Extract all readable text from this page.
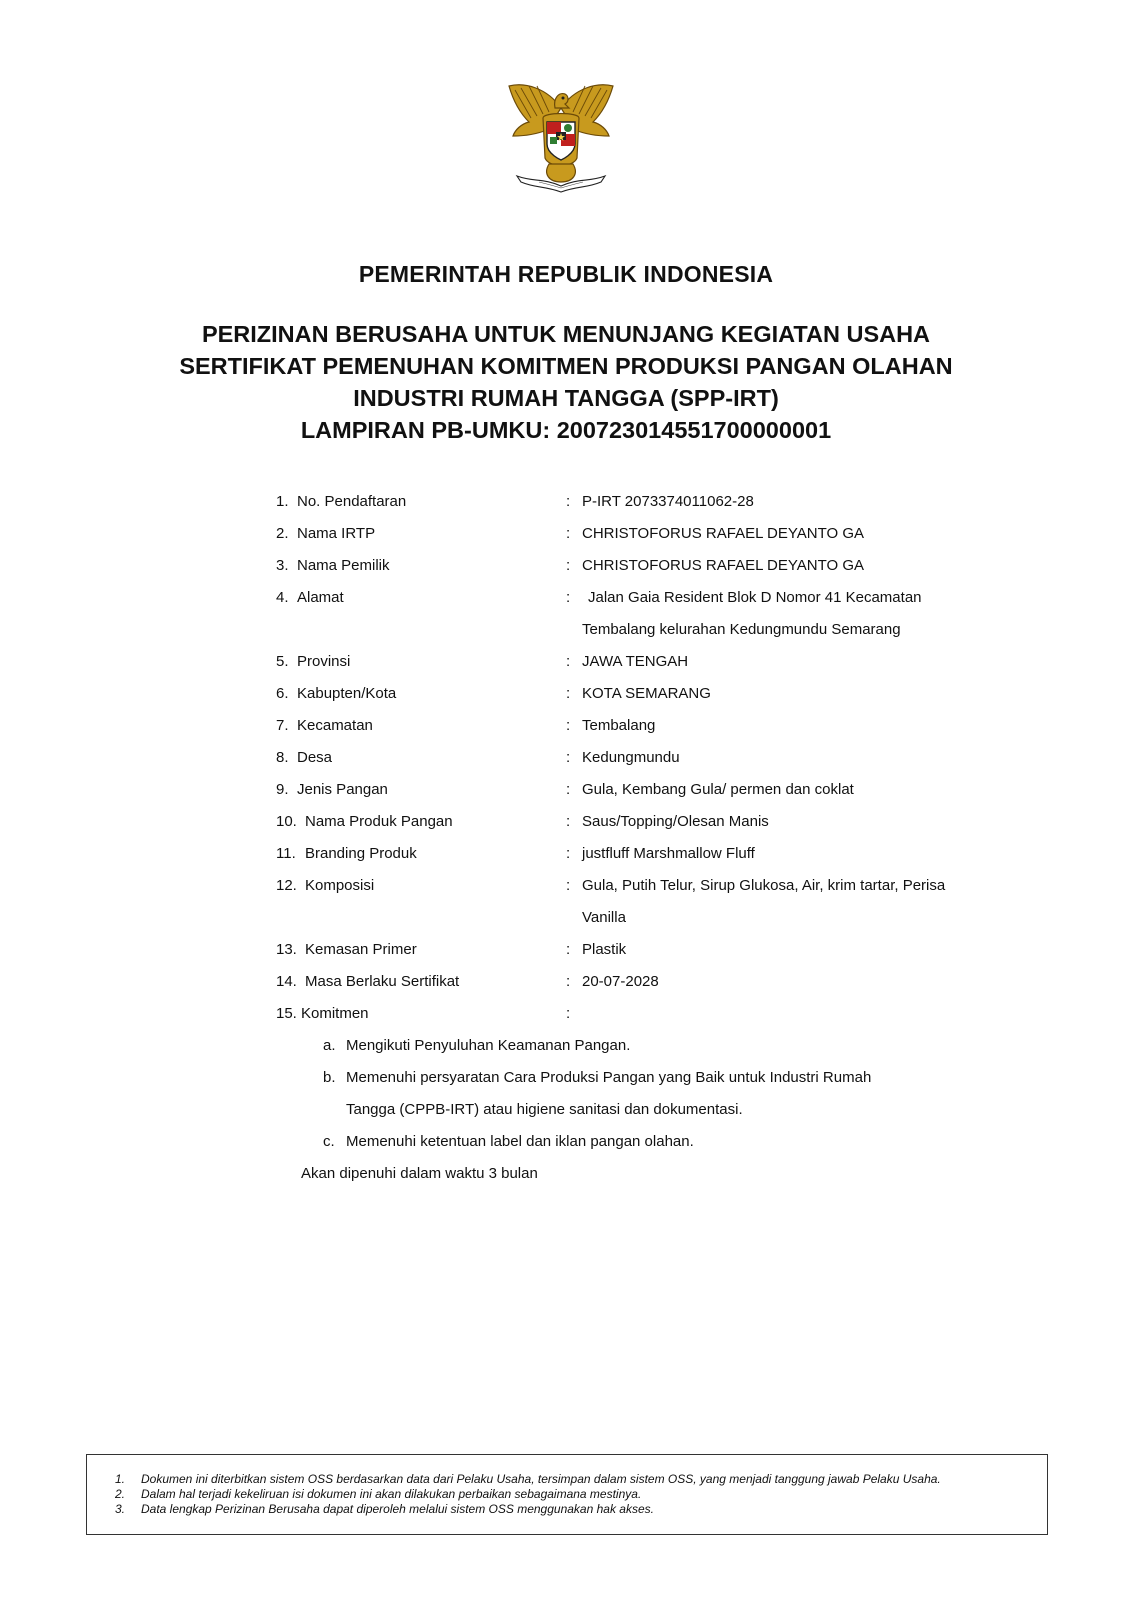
PEMERINTAH REPUBLIK INDONESIA
PERIZINAN BERUSAHA UNTUK MENUNJANG KEGIATAN USAHA
SERTIFIKAT PEMENUHAN KOMITMEN PRODUKSI PANGAN OLAHAN
INDUSTRI RUMAH TANGGA (SPP-IRT)
LAMPIRAN PB-UMKU: 200723014551700000001
1. No. Pendaftaran	: P-IRT 2073374011062-28
2. Nama IRTP	: CHRISTOFORUS RAFAEL DEYANTO GA
3. Nama Pemilik	: CHRISTOFORUS RAFAEL DEYANTO GA
4. Alamat	: Jalan Gaia Resident Blok D Nomor 41 Kecamatan
Tembalang kelurahan Kedungmundu Semarang
5. Provinsi	: JAWA TENGAH
6. Kabupten/Kota	: KOTA SEMARANG
7. Kecamatan	: Tembalang
8. Desa	: Kedungmundu
9. Jenis Pangan	: Gula, Kembang Gula/ permen dan coklat
10. Nama Produk Pangan	: Saus/Topping/Olesan Manis
11. Branding Produk	: justfluff Marshmallow Fluff
12. Komposisi	: Gula, Putih Telur, Sirup Glukosa, Air, krim tartar, Perisa
Vanilla
13. Kemasan Primer	: Plastik
14. Masa Berlaku Sertifikat	: 20-07-2028
15. Komitmen	:
a. Mengikuti Penyuluhan Keamanan Pangan.
b. Memenuhi persyaratan Cara Produksi Pangan yang Baik untuk Industri Rumah
Tangga (CPPB-IRT) atau higiene sanitasi dan dokumentasi.
c. Memenuhi ketentuan label dan iklan pangan olahan.
Akan dipenuhi dalam waktu 3 bulan
1. Dokumen ini diterbitkan sistem OSS berdasarkan data dari Pelaku Usaha, tersimpan dalam sistem OSS, yang menjadi tanggung jawab Pelaku Usaha.
2. Dalam hal terjadi kekeliruan isi dokumen ini akan dilakukan perbaikan sebagaimana mestinya.
3. Data lengkap Perizinan Berusaha dapat diperoleh melalui sistem OSS menggunakan hak akses.
